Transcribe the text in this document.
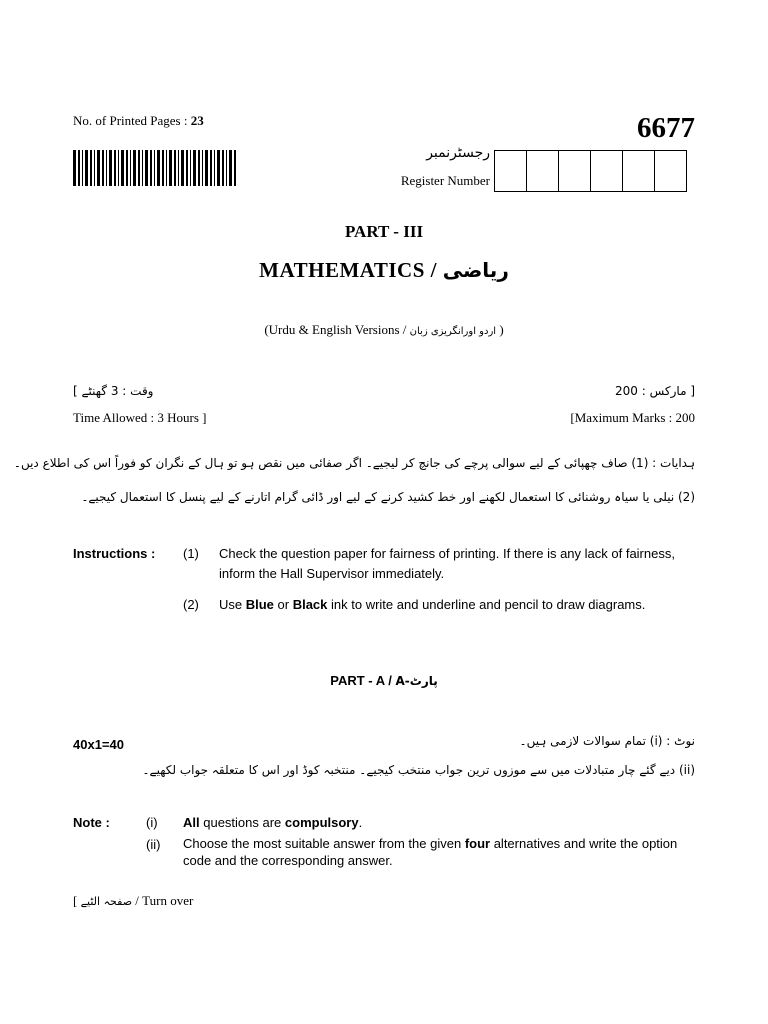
No. of Printed Pages : 23	6677
رجسٹرنمبر
Register Number
PART - III
MATHEMATICS / ریاضی
(Urdu & English Versions / اردو اورانگریزی زبان )
[ وقت : 3 گھنٹے	200 : مارکس ]
Time Allowed : 3 Hours ]	[Maximum Marks : 200
ہدایات : (1) صاف چھپائی کے لیے سوالی پرچے کی جانچ کر لیجیے۔ اگر صفائی میں نقص ہو تو ہال کے نگران کو فوراً اس کی اطلاع دیں۔
(2) نیلی یا سیاہ روشنائی کا استعمال لکھنے اور خط کشید کرنے کے لیے اور ڈائی گرام اتارنے کے لیے پنسل کا استعمال کیجیے۔
Instructions : (1) Check the question paper for fairness of printing. If there is any lack of fairness, inform the Hall Supervisor immediately.
(2) Use Blue or Black ink to write and underline and pencil to draw diagrams.
PART - A / A-پارٹ
40x1=40	نوٹ : (i) تمام سوالات لازمی ہیں۔
(ii) دیے گئے چار متبادلات میں سے موزوں ترین جواب منتخب کیجیے۔ منتخبہ کوڈ اور اس کا متعلقہ جواب لکھیے۔
Note :	(i) All questions are compulsory.
(ii) Choose the most suitable answer from the given four alternatives and write the option code and the corresponding answer.
[ صفحہ الٹیے / Turn over
